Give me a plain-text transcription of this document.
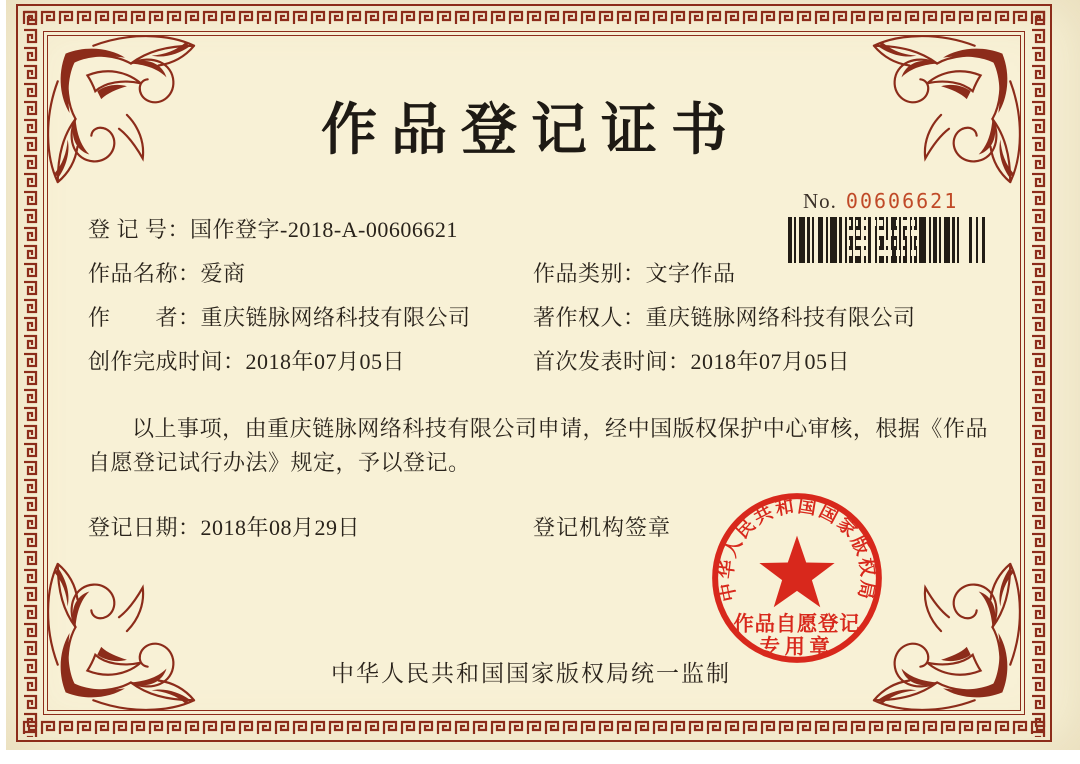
作品登记证书
No. 00606621
登 记 号：国作登字-2018-A-00606621
作品名称：爱商
作　　者：重庆链脉网络科技有限公司
创作完成时间：2018年07月05日
作品类别：文字作品
著作权人：重庆链脉网络科技有限公司
首次发表时间：2018年07月05日

以上事项，由重庆链脉网络科技有限公司申请，经中国版权保护中心审核，根据《作品自愿登记试行办法》规定，予以登记。

登记日期：2018年08月29日	登记机构签章
中华人民共和国国家版权局
作品自愿登记
专用章
中华人民共和国国家版权局统一监制
